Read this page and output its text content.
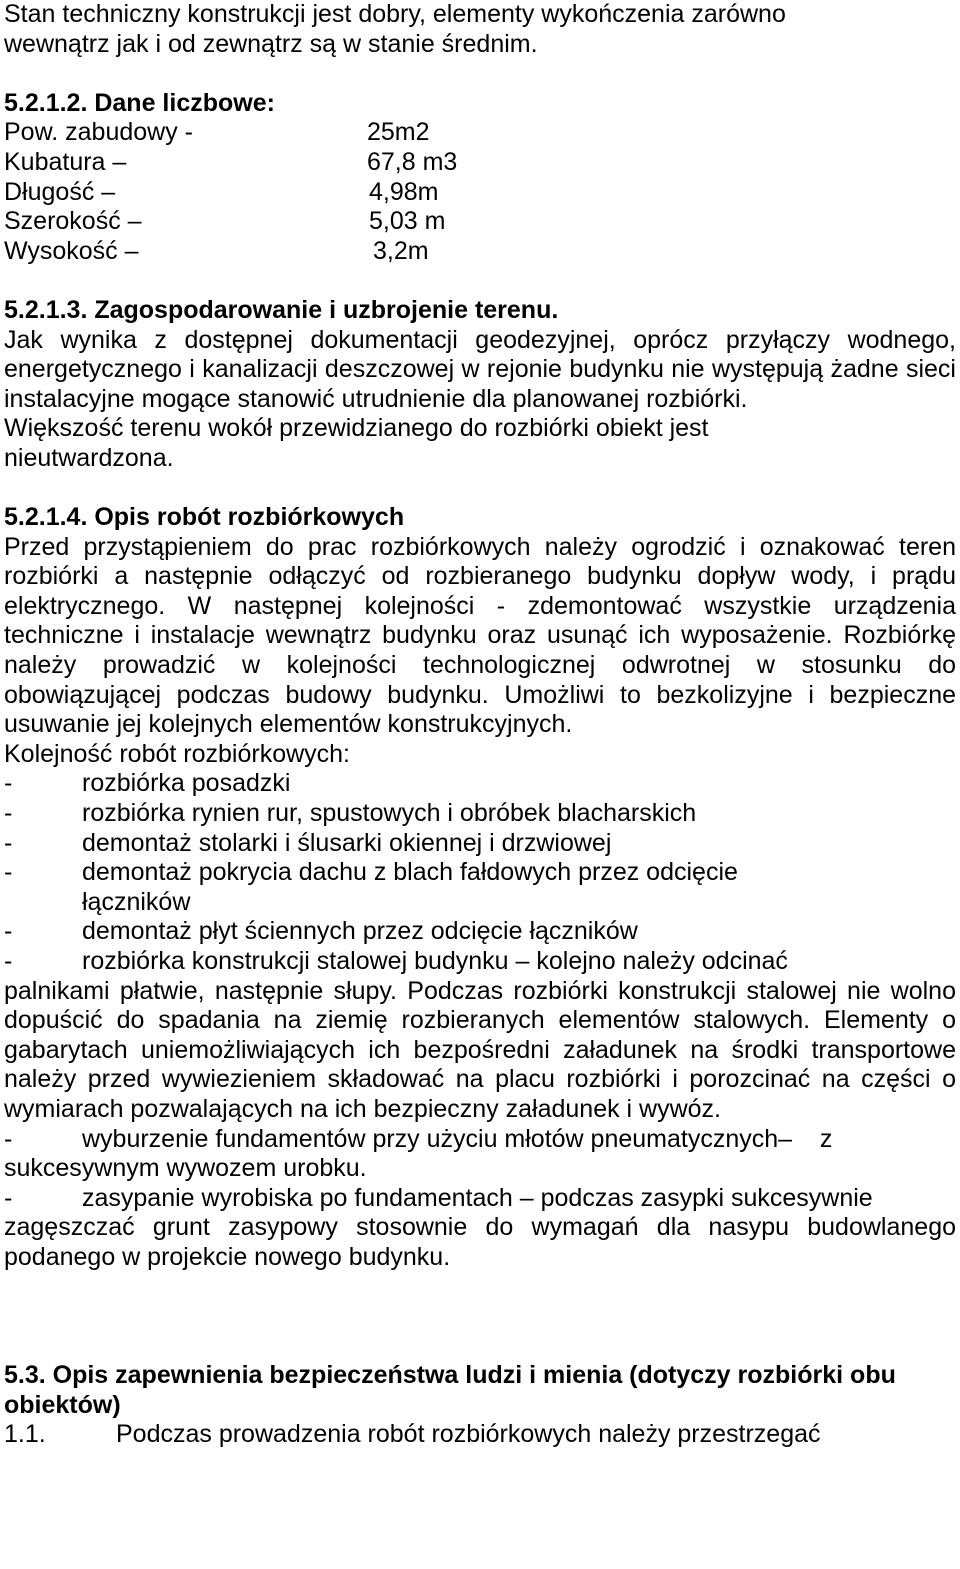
Stan techniczny konstrukcji jest dobry, elementy wykończenia zarówno

wewnątrz jak i od zewnątrz są w stanie średnim.

5.2.1.2. Dane liczbowe:
Pow. zabudowy -	25m2
Kubatura –	67,8 m3
Długość –	4,98m
Szerokość –	5,03 m
Wysokość –	3,2m
5.2.1.3. Zagospodarowanie i uzbrojenie terenu.

Jak wynika z dostępnej dokumentacji geodezyjnej, oprócz przyłączy wodnego, energetycznego i kanalizacji deszczowej w rejonie budynku nie występują żadne sieci instalacyjne mogące stanowić utrudnienie dla planowanej rozbiórki.

Większość terenu wokół przewidzianego do rozbiórki obiekt jest

nieutwardzona.

5.2.1.4. Opis robót rozbiórkowych

Przed przystąpieniem do prac rozbiórkowych należy ogrodzić i oznakować teren rozbiórki a następnie odłączyć od rozbieranego budynku dopływ wody, i prądu elektrycznego. W następnej kolejności - zdemontować wszystkie urządzenia techniczne i instalacje wewnątrz budynku oraz usunąć ich wyposażenie. Rozbiórkę należy prowadzić w kolejności technologicznej odwrotnej w stosunku do obowiązującej podczas budowy budynku. Umożliwi to bezkolizyjne i bezpieczne usuwanie jej kolejnych elementów konstrukcyjnych.

Kolejność robót rozbiórkowych:

-	rozbiórka posadzki
-	rozbiórka rynien rur, spustowych i obróbek blacharskich
-	demontaż stolarki i ślusarki okiennej i drzwiowej
-	demontaż pokrycia dachu z blach fałdowych przez odcięcie

łączników

-	demontaż płyt ściennych przez odcięcie łączników
-	rozbiórka konstrukcji stalowej budynku – kolejno należy odcinać

palnikami płatwie, następnie słupy. Podczas rozbiórki konstrukcji stalowej nie wolno dopuścić do spadania na ziemię rozbieranych elementów stalowych. Elementy o gabarytach uniemożliwiających ich bezpośredni załadunek na środki transportowe należy przed wywiezieniem składować na placu rozbiórki i porozcinać na części o wymiarach pozwalających na ich bezpieczny załadunek i wywóz.

-	wyburzenie fundamentów przy użyciu młotów pneumatycznych–    z

sukcesywnym wywozem urobku.

-	zasypanie wyrobiska po fundamentach – podczas zasypki sukcesywnie

zagęszczać grunt zasypowy stosownie do wymagań dla nasypu budowlanego podanego w projekcie nowego budynku.

5.3. Opis zapewnienia bezpieczeństwa ludzi i mienia (dotyczy rozbiórki obu obiektów)
1.1.	Podczas prowadzenia robót rozbiórkowych należy przestrzegać
